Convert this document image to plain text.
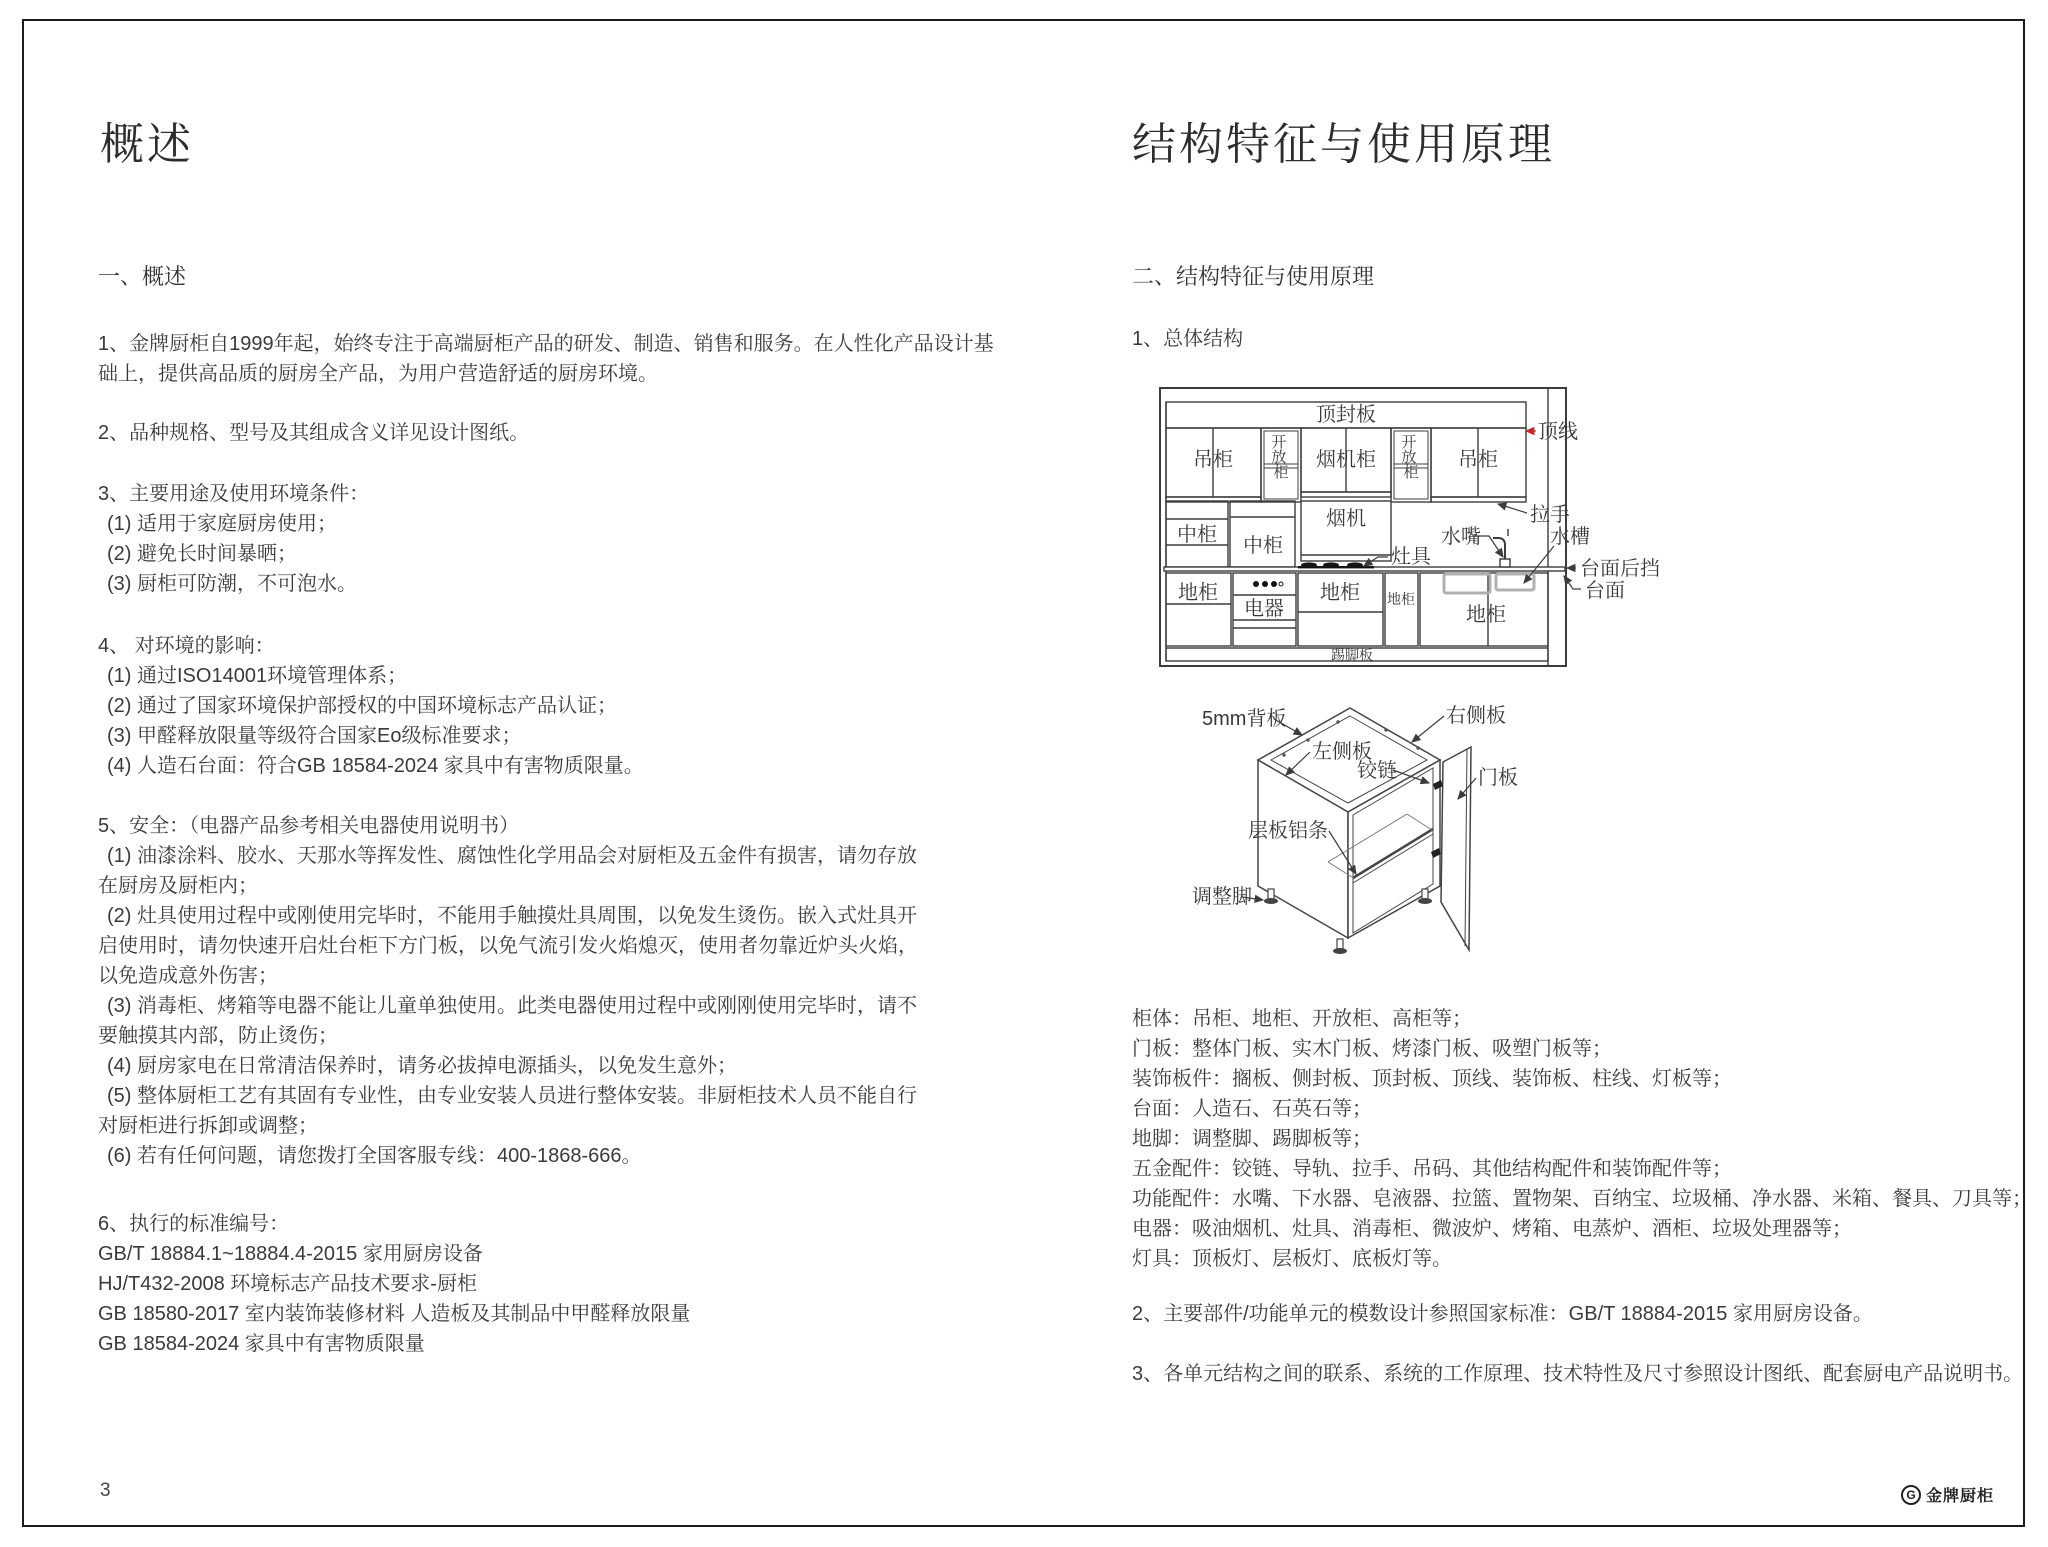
概述
一、概述
1、金牌厨柜自1999年起，始终专注于高端厨柜产品的研发、制造、销售和服务。在人性化产品设计基
础上，提供高品质的厨房全产品，为用户营造舒适的厨房环境。
2、品种规格、型号及其组成含义详见设计图纸。
3、主要用途及使用环境条件：
(1) 适用于家庭厨房使用；
(2) 避免长时间暴晒；
(3) 厨柜可防潮，不可泡水。
4、 对环境的影响：
(1) 通过ISO14001环境管理体系；
(2) 通过了国家环境保护部授权的中国环境标志产品认证；
(3) 甲醛释放限量等级符合国家Eo级标准要求；
(4) 人造石台面：符合GB 18584-2024 家具中有害物质限量。
5、安全：（电器产品参考相关电器使用说明书）
(1) 油漆涂料、胶水、天那水等挥发性、腐蚀性化学用品会对厨柜及五金件有损害，请勿存放
在厨房及厨柜内；
(2) 灶具使用过程中或刚使用完毕时，不能用手触摸灶具周围，以免发生烫伤。嵌入式灶具开
启使用时，请勿快速开启灶台柜下方门板，以免气流引发火焰熄灭，使用者勿靠近炉头火焰，
以免造成意外伤害；
(3) 消毒柜、烤箱等电器不能让儿童单独使用。此类电器使用过程中或刚刚使用完毕时，请不
要触摸其内部，防止烫伤；
(4) 厨房家电在日常清洁保养时，请务必拔掉电源插头，以免发生意外；
(5) 整体厨柜工艺有其固有专业性，由专业安装人员进行整体安装。非厨柜技术人员不能自行
对厨柜进行拆卸或调整；
(6) 若有任何问题，请您拨打全国客服专线：400-1868-666。
6、执行的标准编号：
GB/T 18884.1~18884.4-2015 家用厨房设备
HJ/T432-2008 环境标志产品技术要求-厨柜
GB 18580-2017 室内装饰装修材料 人造板及其制品中甲醛释放限量
GB 18584-2024 家具中有害物质限量
结构特征与使用原理
二、结构特征与使用原理
1、总体结构
顶封板
吊柜	烟机柜	吊柜
开 放 柜
开 放 柜
中柜 中柜
烟机
灶具
水嘴	水槽
顶线
拉手
台面后挡
台面
地柜	地柜 地柜
地柜
电器
踢脚板
5mm背板	右侧板
左侧板
铰链	门板
层板铝条
调整脚
柜体：吊柜、地柜、开放柜、高柜等；
门板：整体门板、实木门板、烤漆门板、吸塑门板等；
装饰板件：搁板、侧封板、顶封板、顶线、装饰板、柱线、灯板等；
台面：人造石、石英石等；
地脚：调整脚、踢脚板等；
五金配件：铰链、导轨、拉手、吊码、其他结构配件和装饰配件等；
功能配件：水嘴、下水器、皂液器、拉篮、置物架、百纳宝、垃圾桶、净水器、米箱、餐具、刀具等；
电器：吸油烟机、灶具、消毒柜、微波炉、烤箱、电蒸炉、酒柜、垃圾处理器等；
灯具：顶板灯、层板灯、底板灯等。
2、主要部件/功能单元的模数设计参照国家标准：GB/T 18884-2015 家用厨房设备。
3、各单元结构之间的联系、系统的工作原理、技术特性及尺寸参照设计图纸、配套厨电产品说明书。
3	G 金牌厨柜
